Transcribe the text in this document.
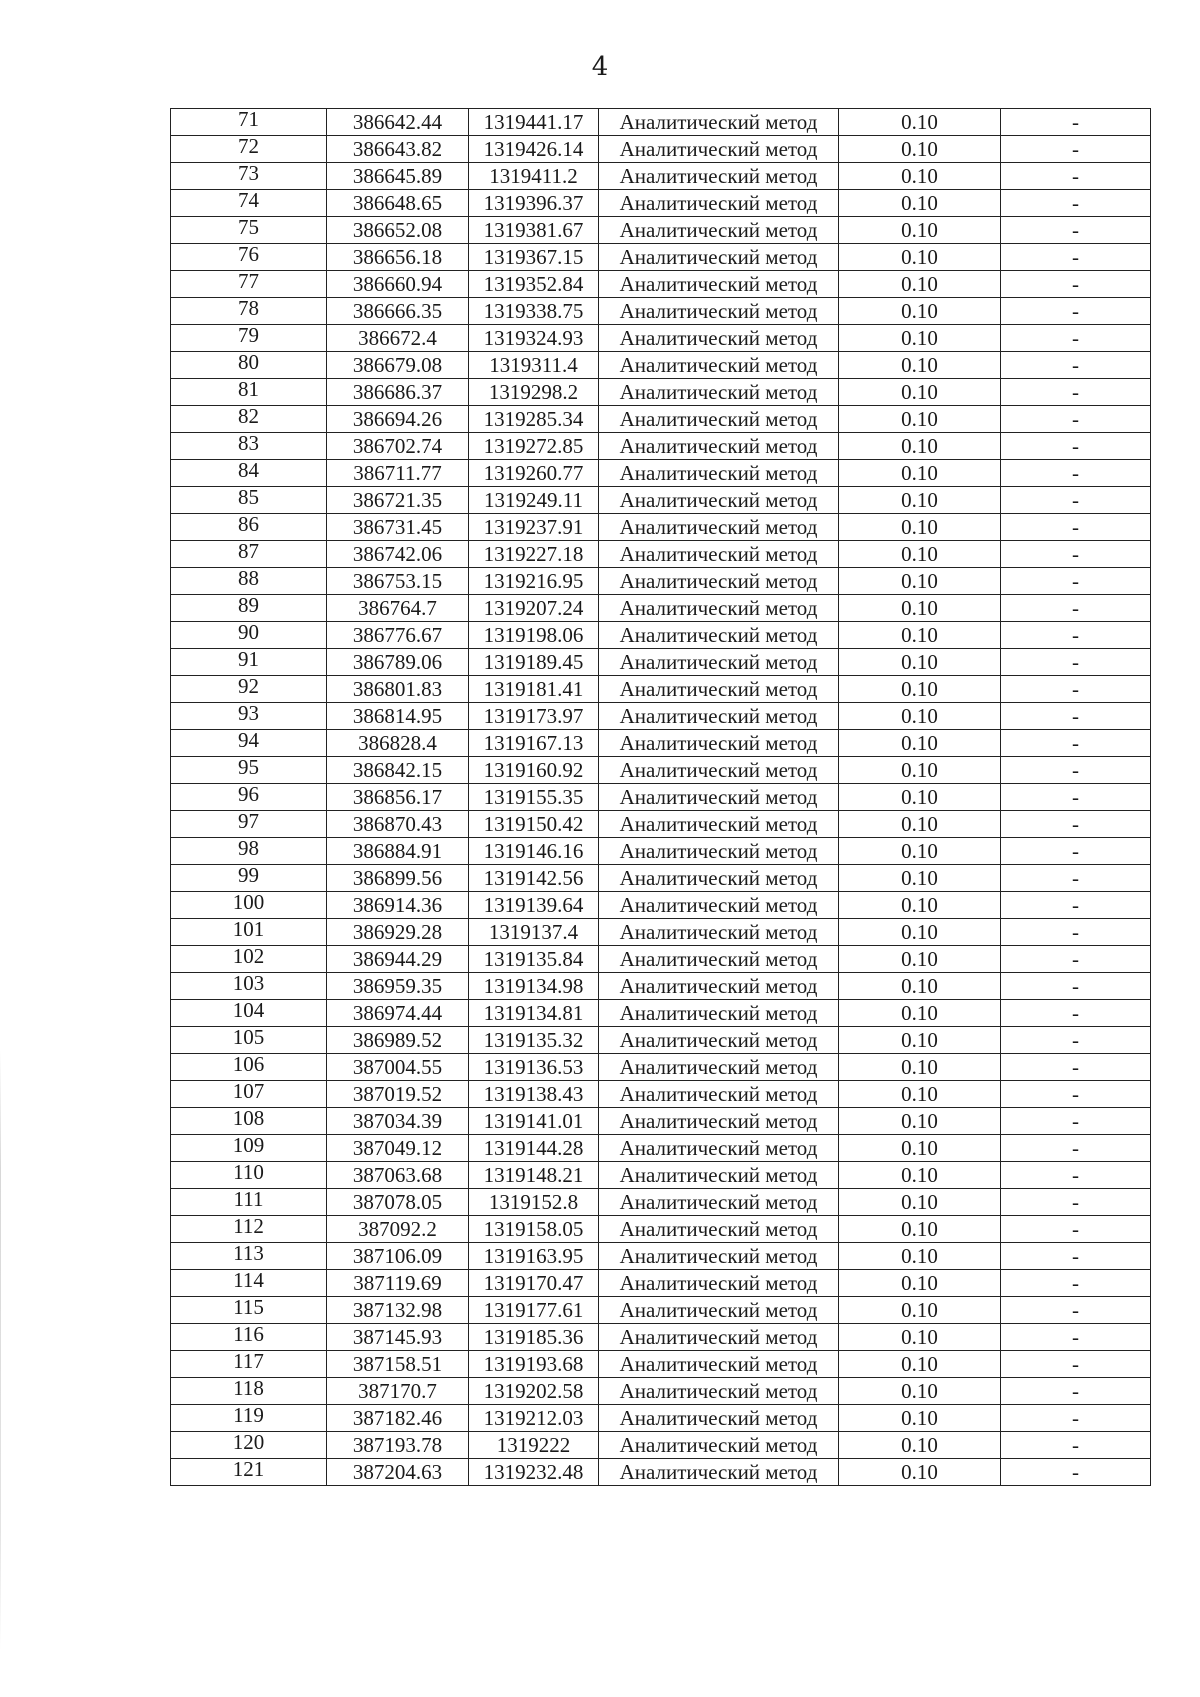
4
71	386642.44	1319441.17	Аналитический метод	0.10	-
72	386643.82	1319426.14	Аналитический метод	0.10	-
73	386645.89	1319411.2	Аналитический метод	0.10	-
74	386648.65	1319396.37	Аналитический метод	0.10	-
75	386652.08	1319381.67	Аналитический метод	0.10	-
76	386656.18	1319367.15	Аналитический метод	0.10	-
77	386660.94	1319352.84	Аналитический метод	0.10	-
78	386666.35	1319338.75	Аналитический метод	0.10	-
79	386672.4	1319324.93	Аналитический метод	0.10	-
80	386679.08	1319311.4	Аналитический метод	0.10	-
81	386686.37	1319298.2	Аналитический метод	0.10	-
82	386694.26	1319285.34	Аналитический метод	0.10	-
83	386702.74	1319272.85	Аналитический метод	0.10	-
84	386711.77	1319260.77	Аналитический метод	0.10	-
85	386721.35	1319249.11	Аналитический метод	0.10	-
86	386731.45	1319237.91	Аналитический метод	0.10	-
87	386742.06	1319227.18	Аналитический метод	0.10	-
88	386753.15	1319216.95	Аналитический метод	0.10	-
89	386764.7	1319207.24	Аналитический метод	0.10	-
90	386776.67	1319198.06	Аналитический метод	0.10	-
91	386789.06	1319189.45	Аналитический метод	0.10	-
92	386801.83	1319181.41	Аналитический метод	0.10	-
93	386814.95	1319173.97	Аналитический метод	0.10	-
94	386828.4	1319167.13	Аналитический метод	0.10	-
95	386842.15	1319160.92	Аналитический метод	0.10	-
96	386856.17	1319155.35	Аналитический метод	0.10	-
97	386870.43	1319150.42	Аналитический метод	0.10	-
98	386884.91	1319146.16	Аналитический метод	0.10	-
99	386899.56	1319142.56	Аналитический метод	0.10	-
100	386914.36	1319139.64	Аналитический метод	0.10	-
101	386929.28	1319137.4	Аналитический метод	0.10	-
102	386944.29	1319135.84	Аналитический метод	0.10	-
103	386959.35	1319134.98	Аналитический метод	0.10	-
104	386974.44	1319134.81	Аналитический метод	0.10	-
105	386989.52	1319135.32	Аналитический метод	0.10	-
106	387004.55	1319136.53	Аналитический метод	0.10	-
107	387019.52	1319138.43	Аналитический метод	0.10	-
108	387034.39	1319141.01	Аналитический метод	0.10	-
109	387049.12	1319144.28	Аналитический метод	0.10	-
110	387063.68	1319148.21	Аналитический метод	0.10	-
111	387078.05	1319152.8	Аналитический метод	0.10	-
112	387092.2	1319158.05	Аналитический метод	0.10	-
113	387106.09	1319163.95	Аналитический метод	0.10	-
114	387119.69	1319170.47	Аналитический метод	0.10	-
115	387132.98	1319177.61	Аналитический метод	0.10	-
116	387145.93	1319185.36	Аналитический метод	0.10	-
117	387158.51	1319193.68	Аналитический метод	0.10	-
118	387170.7	1319202.58	Аналитический метод	0.10	-
119	387182.46	1319212.03	Аналитический метод	0.10	-
120	387193.78	1319222	Аналитический метод	0.10	-
121	387204.63	1319232.48	Аналитический метод	0.10	-
